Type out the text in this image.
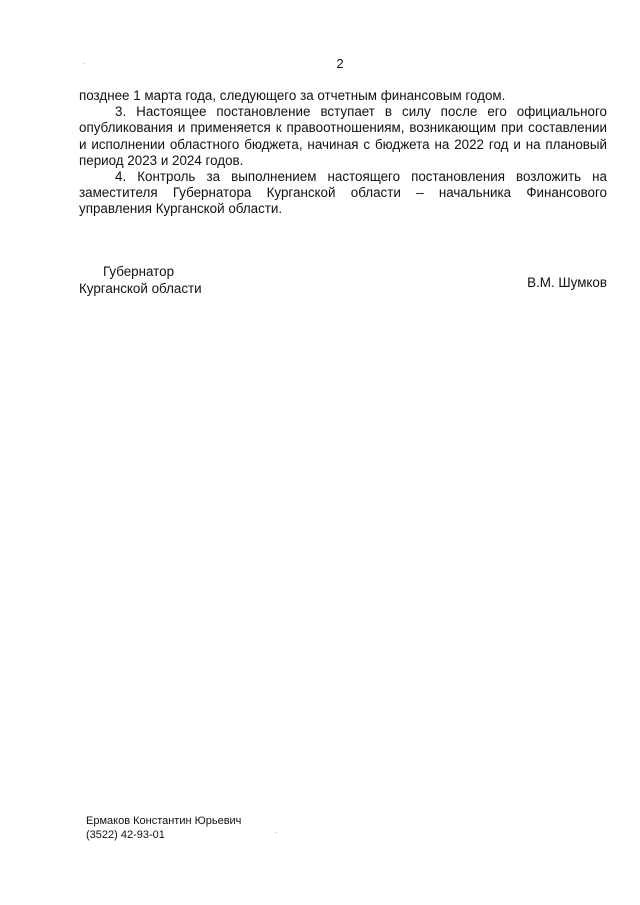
2

позднее 1 марта года, следующего за отчетным финансовым годом.

3. Настоящее постановление вступает в силу после его официального опубликования и применяется к правоотношениям, возникающим при составлении и исполнении областного бюджета, начиная с бюджета на 2022 год и на плановый период 2023 и 2024 годов.

4. Контроль за выполнением настоящего постановления возложить на заместителя Губернатора Курганской области – начальника Финансового управления Курганской области.

Губернатор
Курганской области	В.М. Шумков
Ермаков Константин Юрьевич
(3522) 42-93-01
